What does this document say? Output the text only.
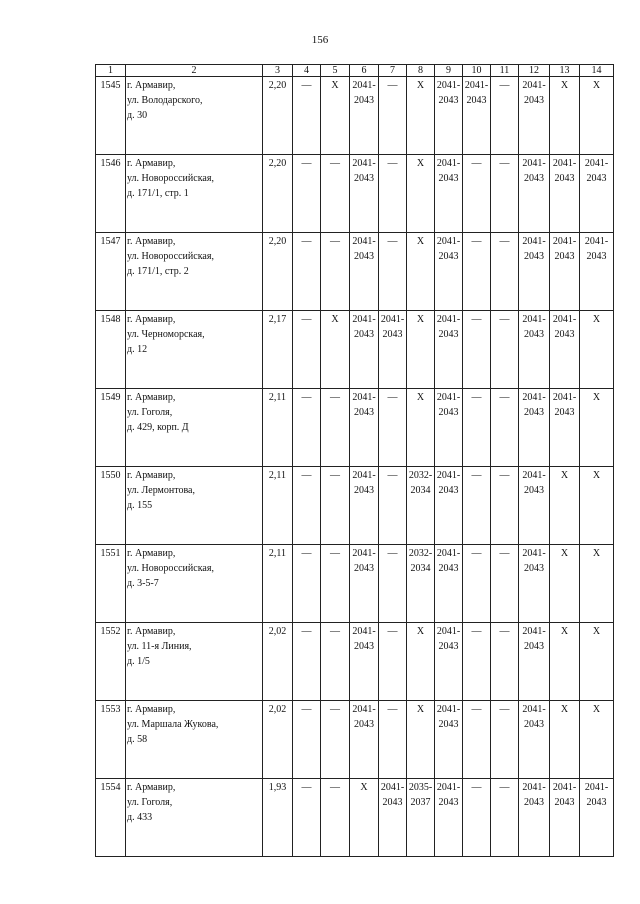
156
1	2	3	4	5	6	7	8	9	10	11	12	13	14
1545	г. Армавир,
ул. Володарского,
д. 30	2,20	—	X	2041-
2043	—	X	2041-
2043	2041-
2043	—	2041-
2043	X	X
1546	г. Армавир,
ул. Новороссийская,
д. 171/1, стр. 1	2,20	—	—	2041-
2043	—	X	2041-
2043	—	—	2041-
2043	2041-
2043	2041-
2043
1547	г. Армавир,
ул. Новороссийская,
д. 171/1, стр. 2	2,20	—	—	2041-
2043	—	X	2041-
2043	—	—	2041-
2043	2041-
2043	2041-
2043
1548	г. Армавир,
ул. Черноморская,
д. 12	2,17	—	X	2041-
2043	2041-
2043	X	2041-
2043	—	—	2041-
2043	2041-
2043	X
1549	г. Армавир,
ул. Гоголя,
д. 429, корп. Д	2,11	—	—	2041-
2043	—	X	2041-
2043	—	—	2041-
2043	2041-
2043	X
1550	г. Армавир,
ул. Лермонтова,
д. 155	2,11	—	—	2041-
2043	—	2032-
2034	2041-
2043	—	—	2041-
2043	X	X
1551	г. Армавир,
ул. Новороссийская,
д. 3-5-7	2,11	—	—	2041-
2043	—	2032-
2034	2041-
2043	—	—	2041-
2043	X	X
1552	г. Армавир,
ул. 11-я Линия,
д. 1/5	2,02	—	—	2041-
2043	—	X	2041-
2043	—	—	2041-
2043	X	X
1553	г. Армавир,
ул. Маршала Жукова,
д. 58	2,02	—	—	2041-
2043	—	X	2041-
2043	—	—	2041-
2043	X	X
1554	г. Армавир,
ул. Гоголя,
д. 433	1,93	—	—	X	2041-
2043	2035-
2037	2041-
2043	—	—	2041-
2043	2041-
2043	2041-
2043
